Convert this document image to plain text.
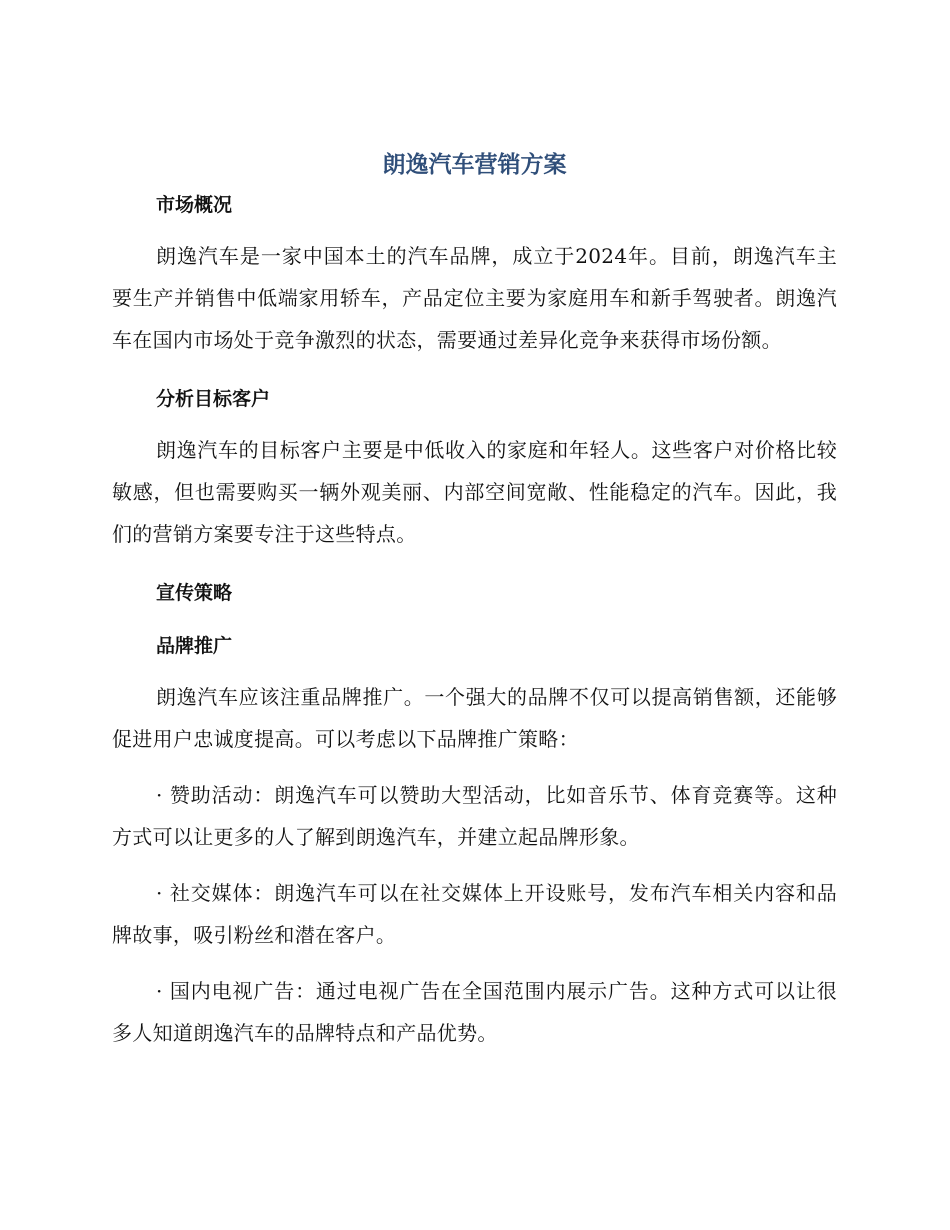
朗逸汽车营销方案
市场概况

朗逸汽车是一家中国本土的汽车品牌，成立于2024年。目前，朗逸汽车主要生产并销售中低端家用轿车，产品定位主要为家庭用车和新手驾驶者。朗逸汽车在国内市场处于竞争激烈的状态，需要通过差异化竞争来获得市场份额。

分析目标客户

朗逸汽车的目标客户主要是中低收入的家庭和年轻人。这些客户对价格比较敏感，但也需要购买一辆外观美丽、内部空间宽敞、性能稳定的汽车。因此，我们的营销方案要专注于这些特点。

宣传策略
品牌推广

朗逸汽车应该注重品牌推广。一个强大的品牌不仅可以提高销售额，还能够促进用户忠诚度提高。可以考虑以下品牌推广策略：

· 赞助活动：朗逸汽车可以赞助大型活动，比如音乐节、体育竞赛等。这种方式可以让更多的人了解到朗逸汽车，并建立起品牌形象。

· 社交媒体：朗逸汽车可以在社交媒体上开设账号，发布汽车相关内容和品牌故事，吸引粉丝和潜在客户。

· 国内电视广告：通过电视广告在全国范围内展示广告。这种方式可以让很多人知道朗逸汽车的品牌特点和产品优势。
